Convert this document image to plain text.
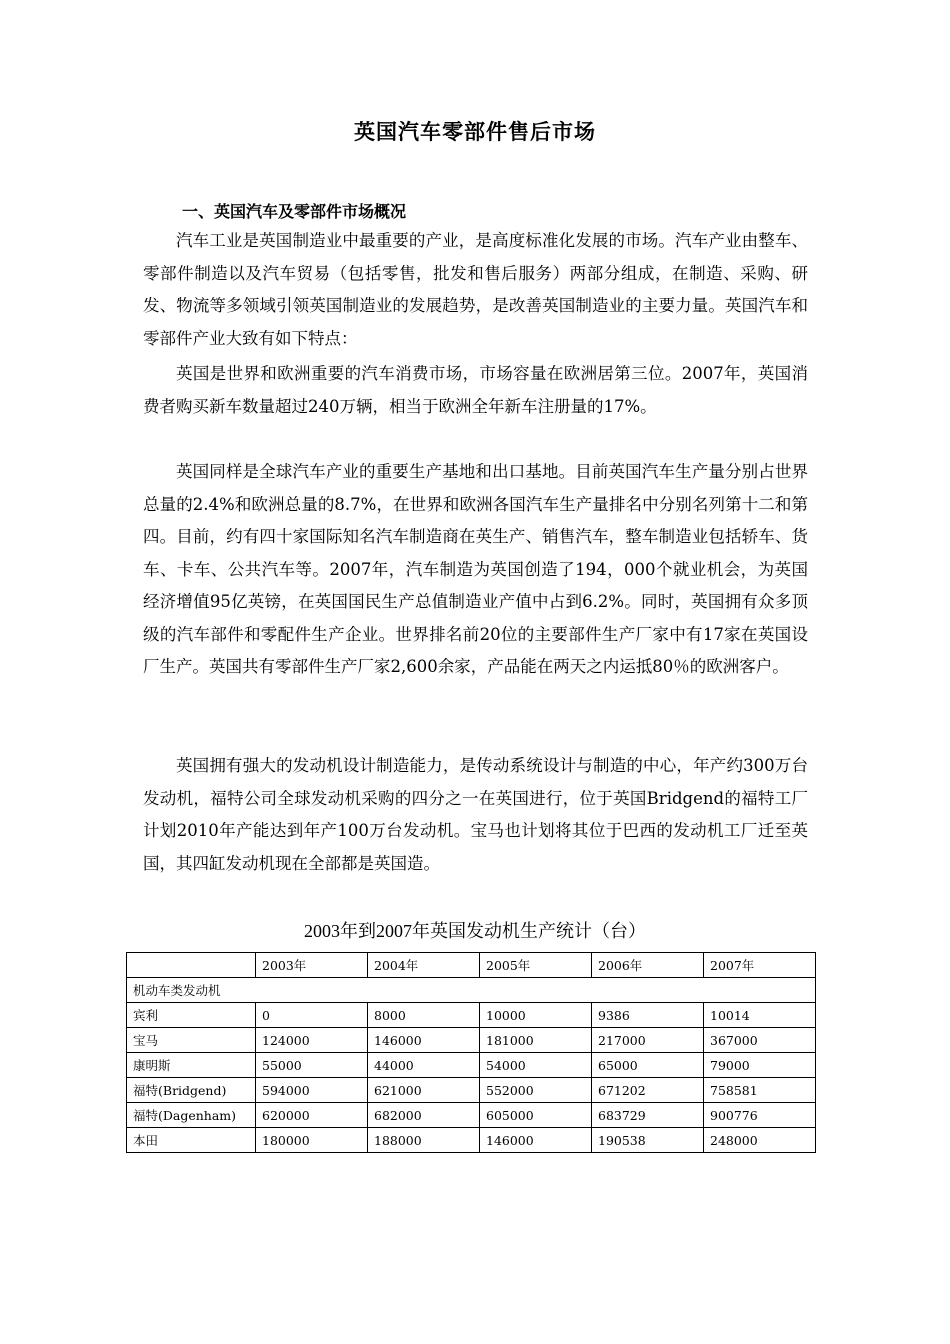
英国汽车零部件售后市场
一、英国汽车及零部件市场概况

汽车工业是英国制造业中最重要的产业，是高度标准化发展的市场。汽车产业由整车、零部件制造以及汽车贸易（包括零售，批发和售后服务）两部分组成，在制造、采购、研发、物流等多领域引领英国制造业的发展趋势，是改善英国制造业的主要力量。英国汽车和零部件产业大致有如下特点：

英国是世界和欧洲重要的汽车消费市场，市场容量在欧洲居第三位。2007年，英国消费者购买新车数量超过240万辆，相当于欧洲全年新车注册量的17%。

英国同样是全球汽车产业的重要生产基地和出口基地。目前英国汽车生产量分别占世界总量的2.4%和欧洲总量的8.7%，在世界和欧洲各国汽车生产量排名中分别名列第十二和第四。目前，约有四十家国际知名汽车制造商在英生产、销售汽车，整车制造业包括轿车、货车、卡车、公共汽车等。2007年，汽车制造为英国创造了194，000个就业机会，为英国经济增值95亿英镑，在英国国民生产总值制造业产值中占到6.2%。同时，英国拥有众多顶级的汽车部件和零配件生产企业。世界排名前20位的主要部件生产厂家中有17家在英国设厂生产。英国共有零部件生产厂家2,600余家，产品能在两天之内运抵80％的欧洲客户。

英国拥有强大的发动机设计制造能力，是传动系统设计与制造的中心，年产约300万台发动机，福特公司全球发动机采购的四分之一在英国进行，位于英国Bridgend的福特工厂计划2010年产能达到年产100万台发动机。宝马也计划将其位于巴西的发动机工厂迁至英国，其四缸发动机现在全部都是英国造。

2003年到2007年英国发动机生产统计（台）
	2003年	2004年	2005年	2006年	2007年
机动车类发动机					
宾利	0	8000	10000	9386	10014
宝马	124000	146000	181000	217000	367000
康明斯	55000	44000	54000	65000	79000
福特(Bridgend)	594000	621000	552000	671202	758581
福特(Dagenham)	620000	682000	605000	683729	900776
本田	180000	188000	146000	190538	248000
